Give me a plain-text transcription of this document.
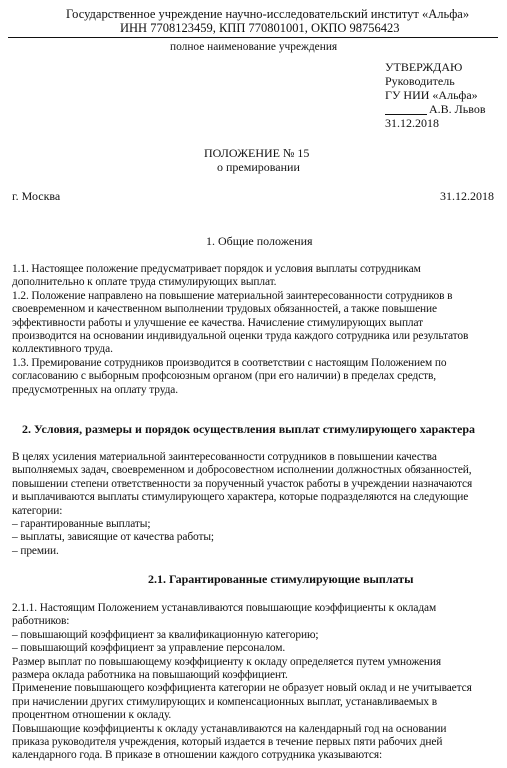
Государственное учреждение научно-исследовательский институт «Альфа»
ИНН 7708123459, КПП 770801001, ОКПО 98756423
полное наименование учреждения
УТВЕРЖДАЮ
Руководитель
ГУ НИИ «Альфа»
А.В. Львов
31.12.2018
ПОЛОЖЕНИЕ № 15
о премировании
г. Москва	31.12.2018
1. Общие положения
1.1. Настоящее положение предусматривает порядок и условия выплаты сотрудникам
дополнительно к оплате труда стимулирующих выплат.
1.2. Положение направлено на повышение материальной заинтересованности сотрудников в
своевременном и качественном выполнении трудовых обязанностей, а также повышение
эффективности работы и улучшение ее качества. Начисление стимулирующих выплат
производится на основании индивидуальной оценки труда каждого сотрудника или результатов
коллективного труда.
1.3. Премирование сотрудников производится в соответствии с настоящим Положением по
согласованию с выборным профсоюзным органом (при его наличии) в пределах средств,
предусмотренных на оплату труда.
2. Условия, размеры и порядок осуществления выплат стимулирующего характера
В целях усиления материальной заинтересованности сотрудников в повышении качества
выполняемых задач, своевременном и добросовестном исполнении должностных обязанностей,
повышении степени ответственности за порученный участок работы в учреждении назначаются
и выплачиваются выплаты стимулирующего характера, которые подразделяются на следующие
категории:
– гарантированные выплаты;
– выплаты, зависящие от качества работы;
– премии.
2.1. Гарантированные стимулирующие выплаты
2.1.1. Настоящим Положением устанавливаются повышающие коэффициенты к окладам
работников:
– повышающий коэффициент за квалификационную категорию;
– повышающий коэффициент за управление персоналом.
Размер выплат по повышающему коэффициенту к окладу определяется путем умножения
размера оклада работника на повышающий коэффициент.
Применение повышающего коэффициента категории не образует новый оклад и не учитывается
при начислении других стимулирующих и компенсационных выплат, устанавливаемых в
процентном отношении к окладу.
Повышающие коэффициенты к окладу устанавливаются на календарный год на основании
приказа руководителя учреждения, который издается в течение первых пяти рабочих дней
календарного года. В приказе в отношении каждого сотрудника указываются:
